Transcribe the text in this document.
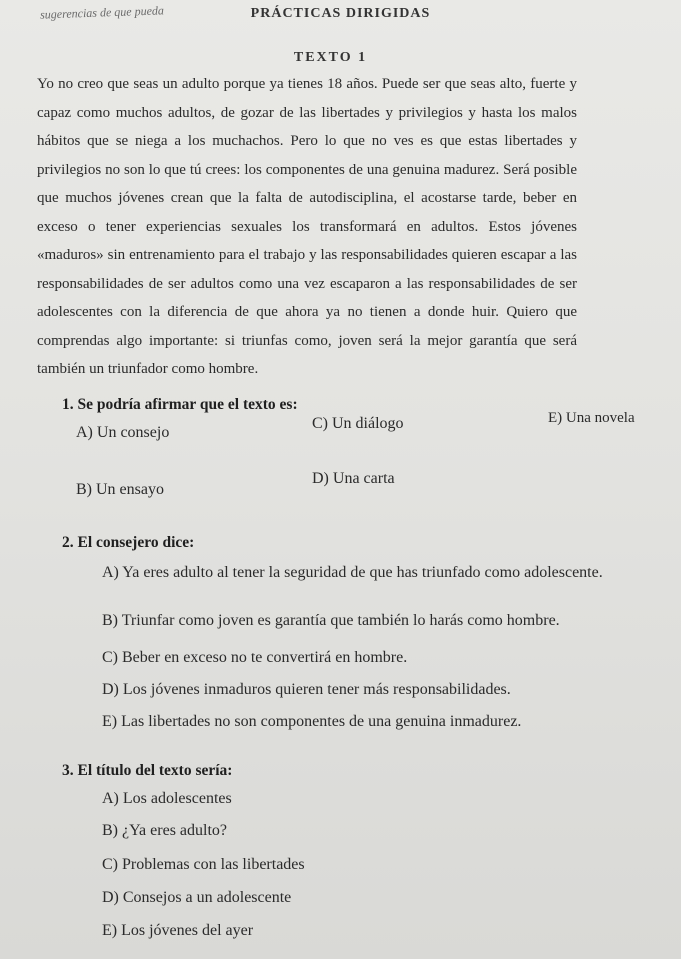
sugerencias de que pueda	PRÁCTICAS DIRIGIDAS
TEXTO 1
Yo no creo que seas un adulto porque ya tienes 18 años. Puede ser que seas alto, fuerte y capaz como muchos adultos, de gozar de las libertades y privilegios y hasta los malos hábitos que se niega a los muchachos. Pero lo que no ves es que estas libertades y privilegios no son lo que tú crees: los componentes de una genuina madurez. Será posible que muchos jóvenes crean que la falta de autodisciplina, el acostarse tarde, beber en exceso o tener experiencias sexuales los transformará en adultos. Estos jóvenes «maduros» sin entrenamiento para el trabajo y las responsabilidades quieren escapar a las responsabilidades de ser adultos como una vez escaparon a las responsabilidades de ser adolescentes con la diferencia de que ahora ya no tienen a donde huir. Quiero que comprendas algo importante: si triunfas como, joven será la mejor garantía que será también un triunfador como hombre.
1. Se podría afirmar que el texto es:
A) Un consejo
B) Un ensayo
C) Un diálogo
D) Una carta
E) Una novela
2. El consejero dice:
A) Ya eres adulto al tener la seguridad de que has triunfado como adolescente.
B) Triunfar como joven es garantía que también lo harás como hombre.
C) Beber en exceso no te convertirá en hombre.
D) Los jóvenes inmaduros quieren tener más responsabilidades.
E) Las libertades no son componentes de una genuina inmadurez.
3. El título del texto sería:
A) Los adolescentes
B) ¿Ya eres adulto?
C) Problemas con las libertades
D) Consejos a un adolescente
E) Los jóvenes del ayer
